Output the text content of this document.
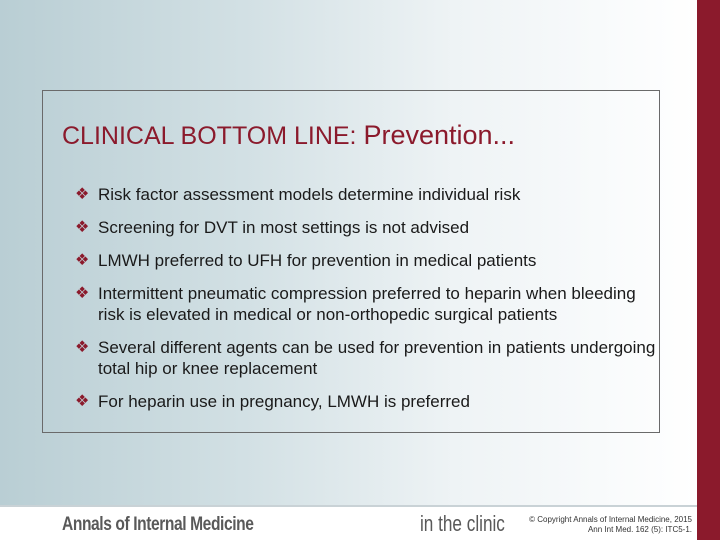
CLINICAL BOTTOM LINE: Prevention...
❖ Risk factor assessment models determine individual risk
❖ Screening for DVT in most settings is not advised
❖ LMWH preferred to UFH for prevention in medical patients
❖ Intermittent pneumatic compression preferred to heparin when bleeding risk is elevated in medical or non-orthopedic surgical patients
❖ Several different agents can be used for prevention in patients undergoing total hip or knee replacement
❖ For heparin use in pregnancy, LMWH is preferred
Annals of Internal Medicine	in the clinic	© Copyright Annals of Internal Medicine, 2015
Ann Int Med. 162 (5): ITC5-1.
